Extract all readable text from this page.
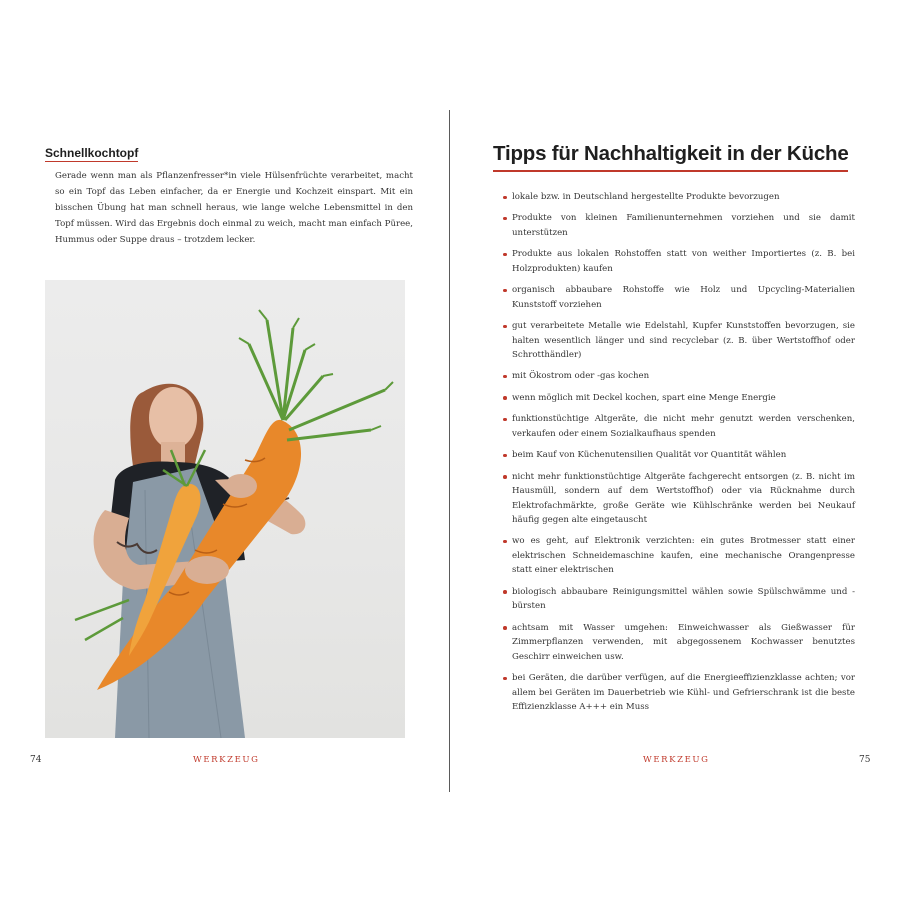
Schnellkochtopf

Gerade wenn man als Pflanzenfresser*in viele Hülsenfrüchte verarbeitet, macht so ein Topf das Leben einfacher, da er Energie und Kochzeit einspart. Mit ein bisschen Übung hat man schnell heraus, wie lange welche Lebensmittel in den Topf müssen. Wird das Ergebnis doch einmal zu weich, macht man einfach Püree, Hummus oder Suppe draus – trotzdem lecker.

74	WERKZEUG

Tipps für Nachhaltigkeit in der Küche
lokale bzw. in Deutschland hergestellte Produkte bevorzugen
Produkte von kleinen Familienunternehmen vorziehen und sie damit unterstützen
Produkte aus lokalen Rohstoffen statt von weither Importiertes (z. B. bei Holzprodukten) kaufen
organisch abbaubare Rohstoffe wie Holz und Upcycling-Materialien Kunststoff vorziehen
gut verarbeitete Metalle wie Edelstahl, Kupfer Kunststoffen bevorzugen, sie halten wesentlich länger und sind recyclebar (z. B. über Wertstoffhof oder Schrotthändler)
mit Ökostrom oder -gas kochen
wenn möglich mit Deckel kochen, spart eine Menge Energie
funktionstüchtige Altgeräte, die nicht mehr genutzt werden verschenken, verkaufen oder einem Sozialkaufhaus spenden
beim Kauf von Küchenutensilien Qualität vor Quantität wählen
nicht mehr funktionstüchtige Altgeräte fachgerecht entsorgen (z. B. nicht im Hausmüll, sondern auf dem Wertstoffhof) oder via Rücknahme durch Elektrofachmärkte, große Geräte wie Kühlschränke werden bei Neukauf häufig gegen alte eingetauscht
wo es geht, auf Elektronik verzichten: ein gutes Brotmesser statt einer elektrischen Schneidemaschine kaufen, eine mechanische Orangenpresse statt einer elektrischen
biologisch abbaubare Reinigungsmittel wählen sowie Spülschwämme und -bürsten
achtsam mit Wasser umgehen: Einweichwasser als Gießwasser für Zimmerpflanzen verwenden, mit abgegossenem Kochwasser benutztes Geschirr einweichen usw.
bei Geräten, die darüber verfügen, auf die Energieeffizienzklasse achten; vor allem bei Geräten im Dauerbetrieb wie Kühl- und Gefrierschrank ist die beste Effizienzklasse A+++ ein Muss

WERKZEUG	75
